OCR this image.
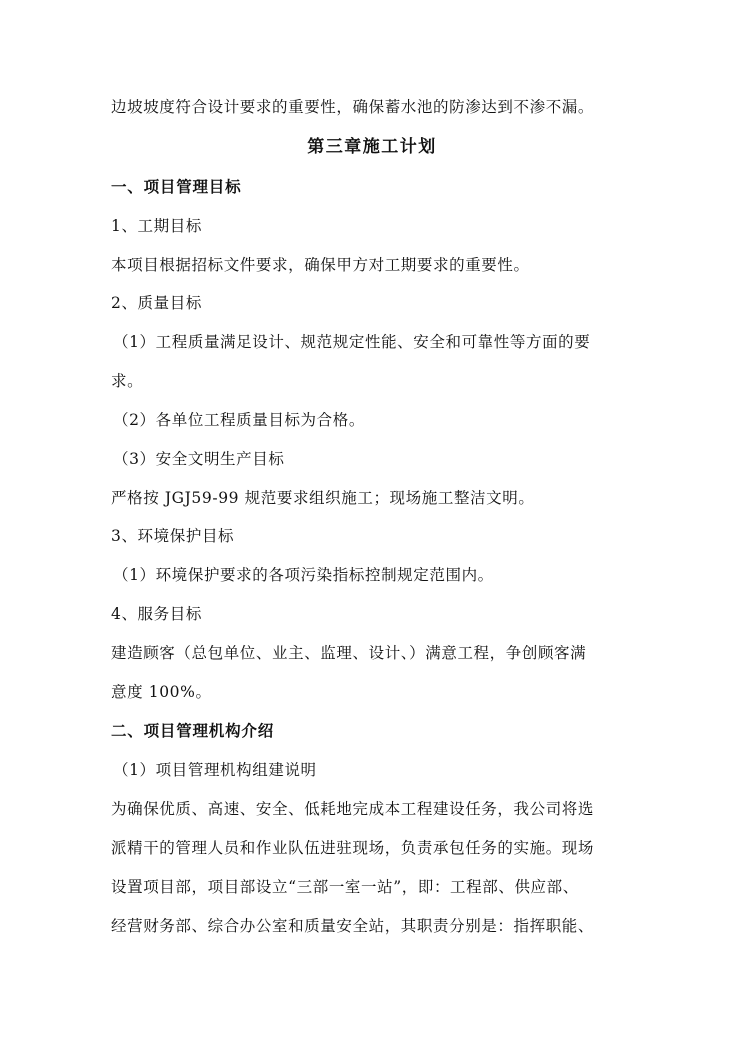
边坡坡度符合设计要求的重要性，确保蓄水池的防渗达到不渗不漏。
第三章施工计划
一、项目管理目标
1、工期目标
本项目根据招标文件要求，确保甲方对工期要求的重要性。
2、质量目标
（1）工程质量满足设计、规范规定性能、安全和可靠性等方面的要
求。
（2）各单位工程质量目标为合格。
（3）安全文明生产目标
严格按 JGJ59-99 规范要求组织施工；现场施工整洁文明。
3、环境保护目标
（1）环境保护要求的各项污染指标控制规定范围内。
4、服务目标
建造顾客（总包单位、业主、监理、设计、）满意工程，争创顾客满
意度 100%。
二、项目管理机构介绍
（1）项目管理机构组建说明
为确保优质、高速、安全、低耗地完成本工程建设任务，我公司将选
派精干的管理人员和作业队伍进驻现场，负责承包任务的实施。现场
设置项目部，项目部设立“三部一室一站”，即：工程部、供应部、
经营财务部、综合办公室和质量安全站，其职责分别是：指挥职能、
